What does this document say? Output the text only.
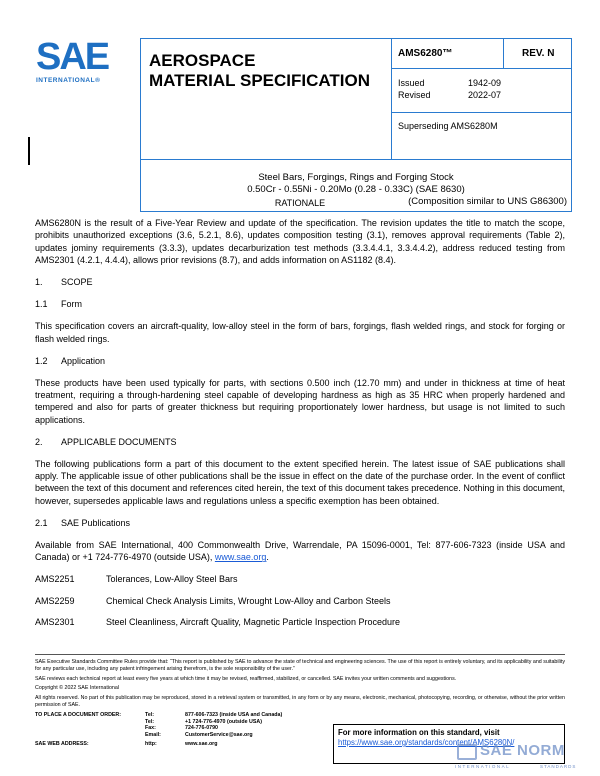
SAE
INTERNATIONAL®
AEROSPACE
MATERIAL SPECIFICATION
AMS6280™	REV. N
Issued	1942-09
Revised	2022-07
Superseding AMS6280M
Steel Bars, Forgings, Rings and Forging Stock
0.50Cr - 0.55Ni - 0.20Mo (0.28 - 0.33C) (SAE 8630)
(Composition similar to UNS G86300)
RATIONALE
AMS6280N is the result of a Five-Year Review and update of the specification. The revision updates the title to match the scope, prohibits unauthorized exceptions (3.6, 5.2.1, 8.6), updates composition testing (3.1), removes approval requirements (Table 2), updates jominy requirements (3.3.3), updates decarburization test methods (3.3.4.4.1, 3.3.4.4.2), address reduced testing from AMS2301 (4.2.1, 4.4.4), allows prior revisions (8.7), and adds information on AS1182 (8.4).
1. SCOPE
1.1 Form
This specification covers an aircraft-quality, low-alloy steel in the form of bars, forgings, flash welded rings, and stock for forging or flash welded rings.
1.2 Application
These products have been used typically for parts, with sections 0.500 inch (12.70 mm) and under in thickness at time of heat treatment, requiring a through-hardening steel capable of developing hardness as high as 35 HRC when properly hardened and tempered and also for parts of greater thickness but requiring proportionately lower hardness, but usage is not limited to such applications.
2. APPLICABLE DOCUMENTS
The following publications form a part of this document to the extent specified herein. The latest issue of SAE publications shall apply. The applicable issue of other publications shall be the issue in effect on the date of the purchase order. In the event of conflict between the text of this document and references cited herein, the text of this document takes precedence. Nothing in this document, however, supersedes applicable laws and regulations unless a specific exemption has been obtained.
2.1 SAE Publications
Available from SAE International, 400 Commonwealth Drive, Warrendale, PA 15096-0001, Tel: 877-606-7323 (inside USA and Canada) or +1 724-776-4970 (outside USA), www.sae.org.
AMS2251	Tolerances, Low-Alloy Steel Bars
AMS2259	Chemical Check Analysis Limits, Wrought Low-Alloy and Carbon Steels
AMS2301	Steel Cleanliness, Aircraft Quality, Magnetic Particle Inspection Procedure

SAE Executive Standards Committee Rules provide that: “This report is published by SAE to advance the state of technical and engineering sciences. The use of this report is entirely voluntary, and its applicability and suitability for any particular use, including any patent infringement arising therefrom, is the sole responsibility of the user.”

SAE reviews each technical report at least every five years at which time it may be revised, reaffirmed, stabilized, or cancelled. SAE invites your written comments and suggestions.

Copyright © 2022 SAE International

All rights reserved. No part of this publication may be reproduced, stored in a retrieval system or transmitted, in any form or by any means, electronic, mechanical, photocopying, recording, or otherwise, without the prior written permission of SAE.

TO PLACE A DOCUMENT ORDER:	Tel:	877-606-7323 (inside USA and Canada)
Tel:	+1 724-776-4970 (outside USA)
Fax:	724-776-0790
Email:	CustomerService@sae.org
SAE WEB ADDRESS:	http:	www.sae.org
For more information on this standard, visit
https://www.sae.org/standards/content/AMS6280N/
SAE NORM
INTERNATIONAL	STANDARDS
